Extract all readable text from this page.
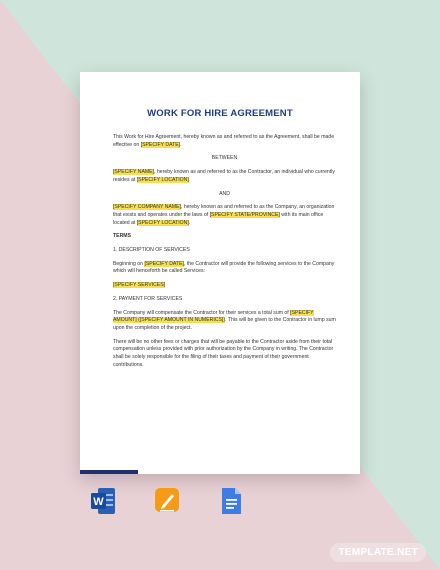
WORK FOR HIRE AGREEMENT

This Work for Hire Agreement, hereby known as and referred to as the Agreement, shall be made effective on [SPECIFY DATE].

BETWEEN

[SPECIFY NAME], hereby known as and referred to as the Contractor, an individual who currently resides at [SPECIFY LOCATION]

AND

[SPECIFY COMPANY NAME], hereby known as and referred to as the Company, an organization that exists and operates under the laws of [SPECIFY STATE/PROVINCE] with its main office located at [SPECIFY LOCATION].

TERMS

1. DESCRIPTION OF SERVICES

Beginning on [SPECIFY DATE], the Contractor will provide the following services to the Company which will henceforth be called Services:

[SPECIFY SERVICES]

2. PAYMENT FOR SERVICES

The Company will compensate the Contractor for their services a total sum of [SPECIFY AMOUNT] ([SPECIFY AMOUNT IN NUMERICS]). This will be given to the Contractor in lump sum upon the completion of the project.

There will be no other fees or charges that will be payable to the Contractor aside from their total compensation unless provided with prior authorization by the Company in writing. The Contractor shall be solely responsible for the filing of their taxes and payment of their government contributions.

W
TEMPLATE.NET
